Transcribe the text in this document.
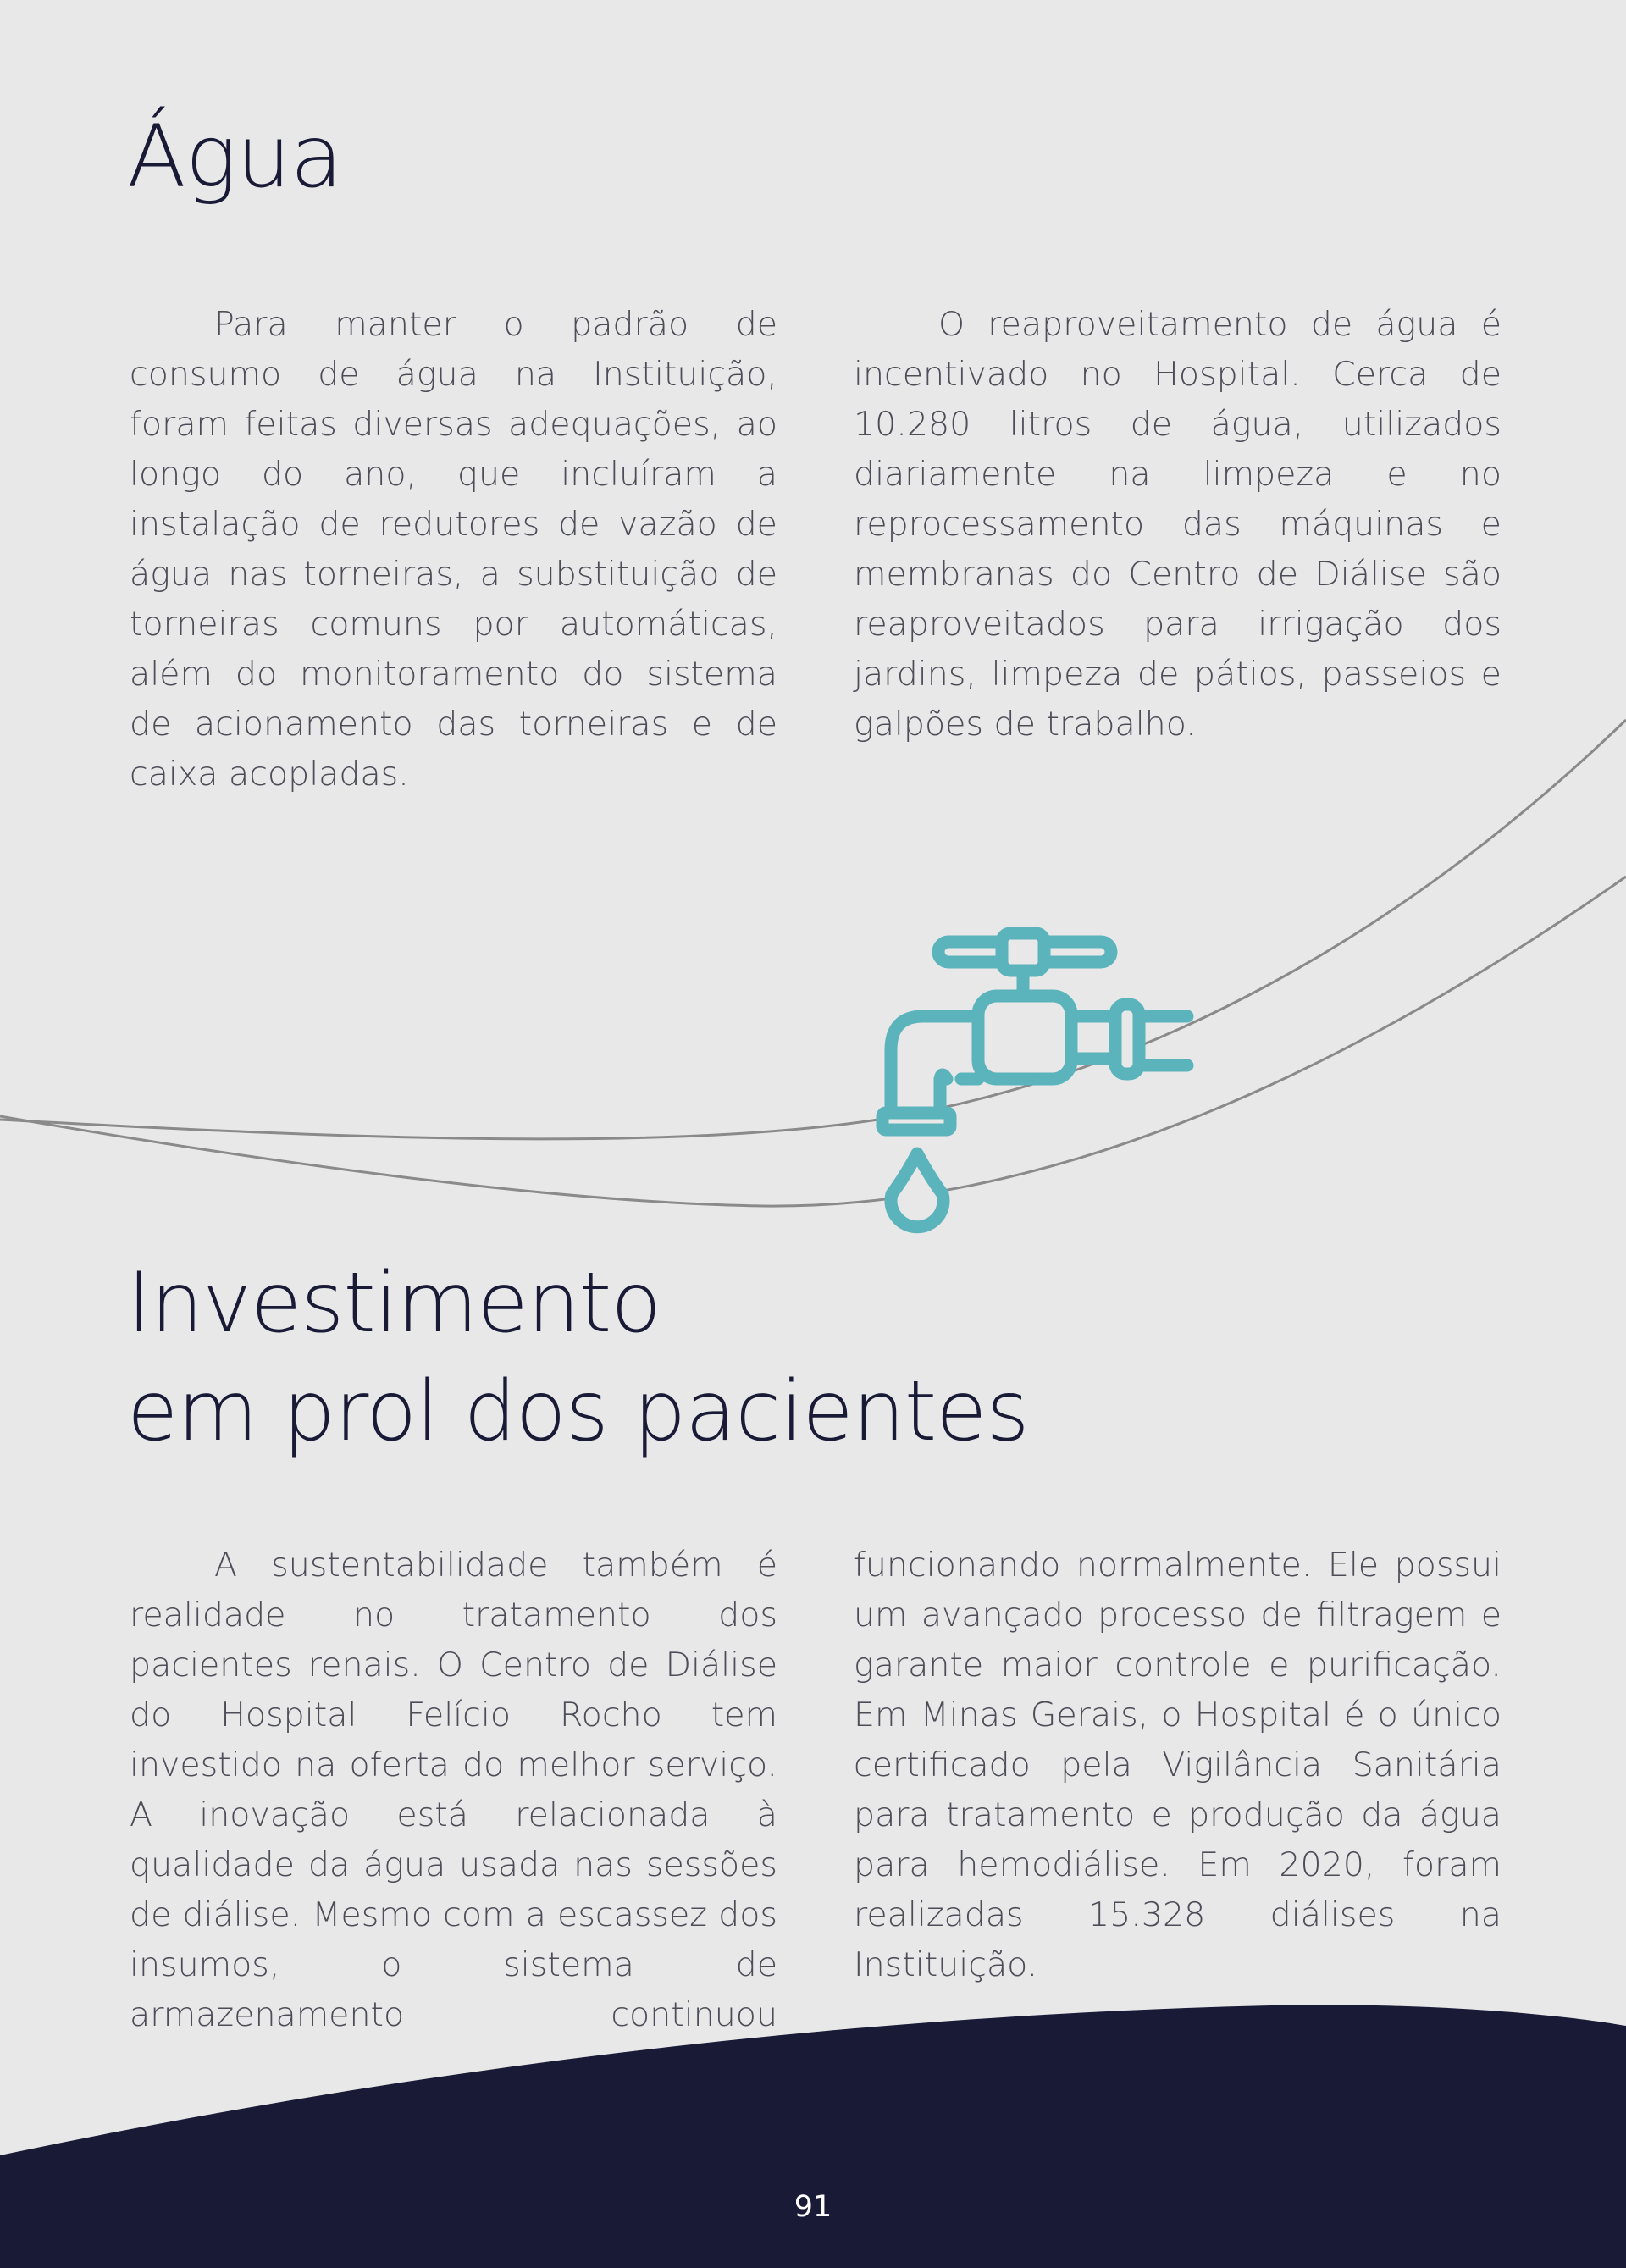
Água

Para manter o padrão de consumo de água na Instituição, foram feitas diversas adequações, ao longo do ano, que incluíram a instalação de redutores de vazão de água nas torneiras, a substituição de torneiras comuns por automáticas, além do monitoramento do sistema de acionamento das torneiras e de caixa acopladas.

O reaproveitamento de água é incentivado no Hospital. Cerca de 10.280 litros de água, utilizados diariamente na limpeza e no reprocessamento das máquinas e membranas do Centro de Diálise são reaproveitados para irrigação dos jardins, limpeza de pátios, passeios e galpões de trabalho.

Investimento
em prol dos pacientes

A sustentabilidade também é realidade no tratamento dos pacientes renais. O Centro de Diálise do Hospital Felício Rocho tem investido na oferta do melhor serviço. A inovação está relacionada à qualidade da água usada nas sessões de diálise. Mesmo com a escassez dos insumos, o sistema de armazenamento continuou

funcionando normalmente. Ele possui um avançado processo de filtragem e garante maior controle e purificação. Em Minas Gerais, o Hospital é o único certificado pela Vigilância Sanitária para tratamento e produção da água para hemodiálise. Em 2020, foram realizadas 15.328 diálises na Instituição.

91
